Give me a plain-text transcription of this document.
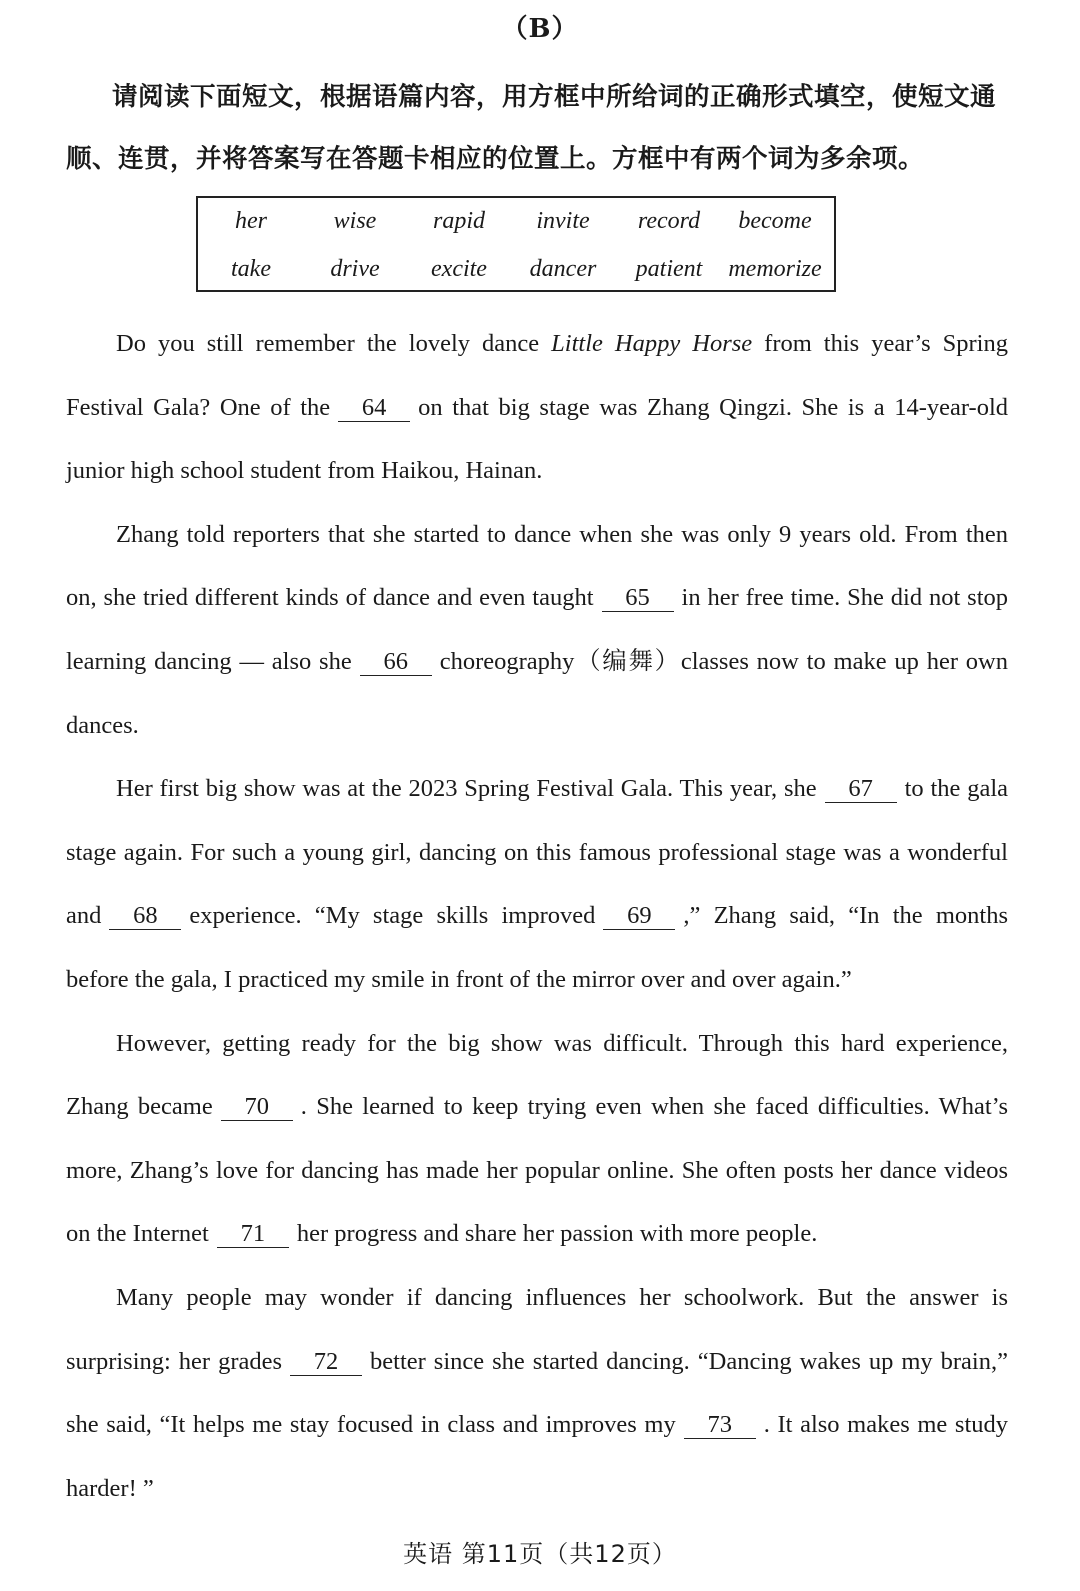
（B）
请阅读下面短文，根据语篇内容，用方框中所给词的正确形式填空，使短文通顺、连贯，并将答案写在答题卡相应的位置上。方框中有两个词为多余项。
her	wise	rapid	invite	record	become
take	drive	excite	dancer	patient	memorize

Do you still remember the lovely dance Little Happy Horse from this year’s Spring Festival Gala? One of the 64 on that big stage was Zhang Qingzi. She is a 14-year-old junior high school student from Haikou, Hainan.

Zhang told reporters that she started to dance when she was only 9 years old. From then on, she tried different kinds of dance and even taught 65 in her free time. She did not stop learning dancing — also she 66 choreography（编舞）classes now to make up her own dances.

Her first big show was at the 2023 Spring Festival Gala. This year, she 67 to the gala stage again. For such a young girl, dancing on this famous professional stage was a wonderful and 68 experience. “My stage skills improved 69 ,” Zhang said, “In the months before the gala, I practiced my smile in front of the mirror over and over again.”

However, getting ready for the big show was difficult. Through this hard experience, Zhang became 70 . She learned to keep trying even when she faced difficulties. What’s more, Zhang’s love for dancing has made her popular online. She often posts her dance videos on the Internet 71 her progress and share her passion with more people.

Many people may wonder if dancing influences her schoolwork. But the answer is surprising: her grades 72 better since she started dancing. “Dancing wakes up my brain,” she said, “It helps me stay focused in class and improves my 73 . It also makes me study harder! ”

英语 第11页（共12页）
